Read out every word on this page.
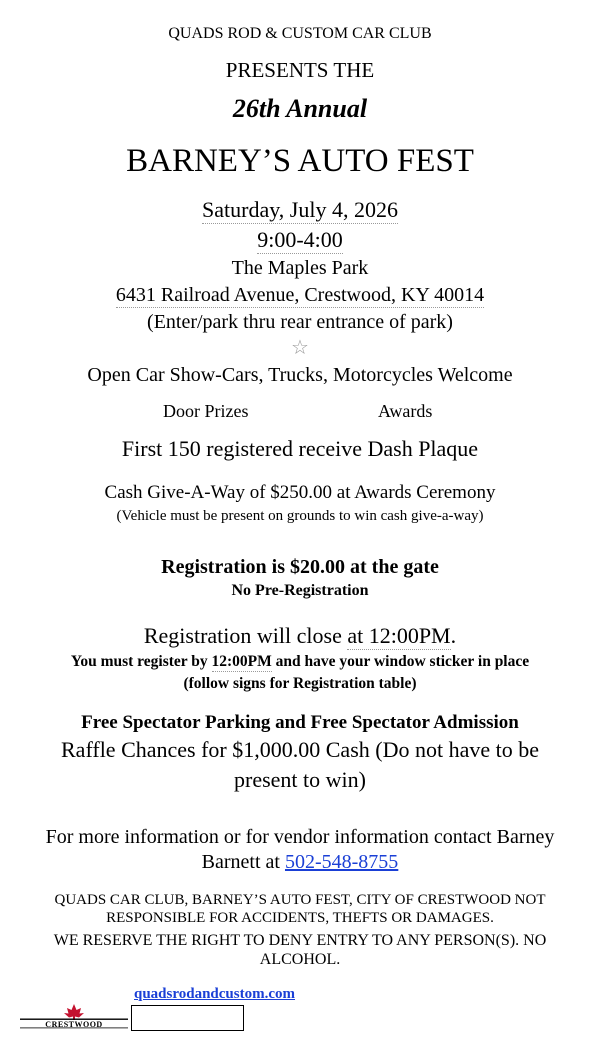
QUADS ROD & CUSTOM CAR CLUB
PRESENTS THE
26th Annual
BARNEY’S AUTO FEST
Saturday, July 4, 2026
9:00-4:00
The Maples Park
6431 Railroad Avenue, Crestwood, KY 40014
(Enter/park thru rear entrance of park)
☆
Open Car Show-Cars, Trucks, Motorcycles Welcome
Door Prizes	Awards
First 150 registered receive Dash Plaque
Cash Give-A-Way of $250.00 at Awards Ceremony
(Vehicle must be present on grounds to win cash give-a-way)
Registration is $20.00 at the gate
No Pre-Registration
Registration will close at 12:00PM.
You must register by 12:00PM and have your window sticker in place
(follow signs for Registration table)
Free Spectator Parking and Free Spectator Admission
Raffle Chances for $1,000.00 Cash (Do not have to be
present to win)
For more information or for vendor information contact Barney
Barnett at 502-548-8755
QUADS CAR CLUB, BARNEY’S AUTO FEST, CITY OF CRESTWOOD NOT
RESPONSIBLE FOR ACCIDENTS, THEFTS OR DAMAGES.
WE RESERVE THE RIGHT TO DENY ENTRY TO ANY PERSON(S). NO
ALCOHOL.
quadsrodandcustom.com
CRESTWOOD
